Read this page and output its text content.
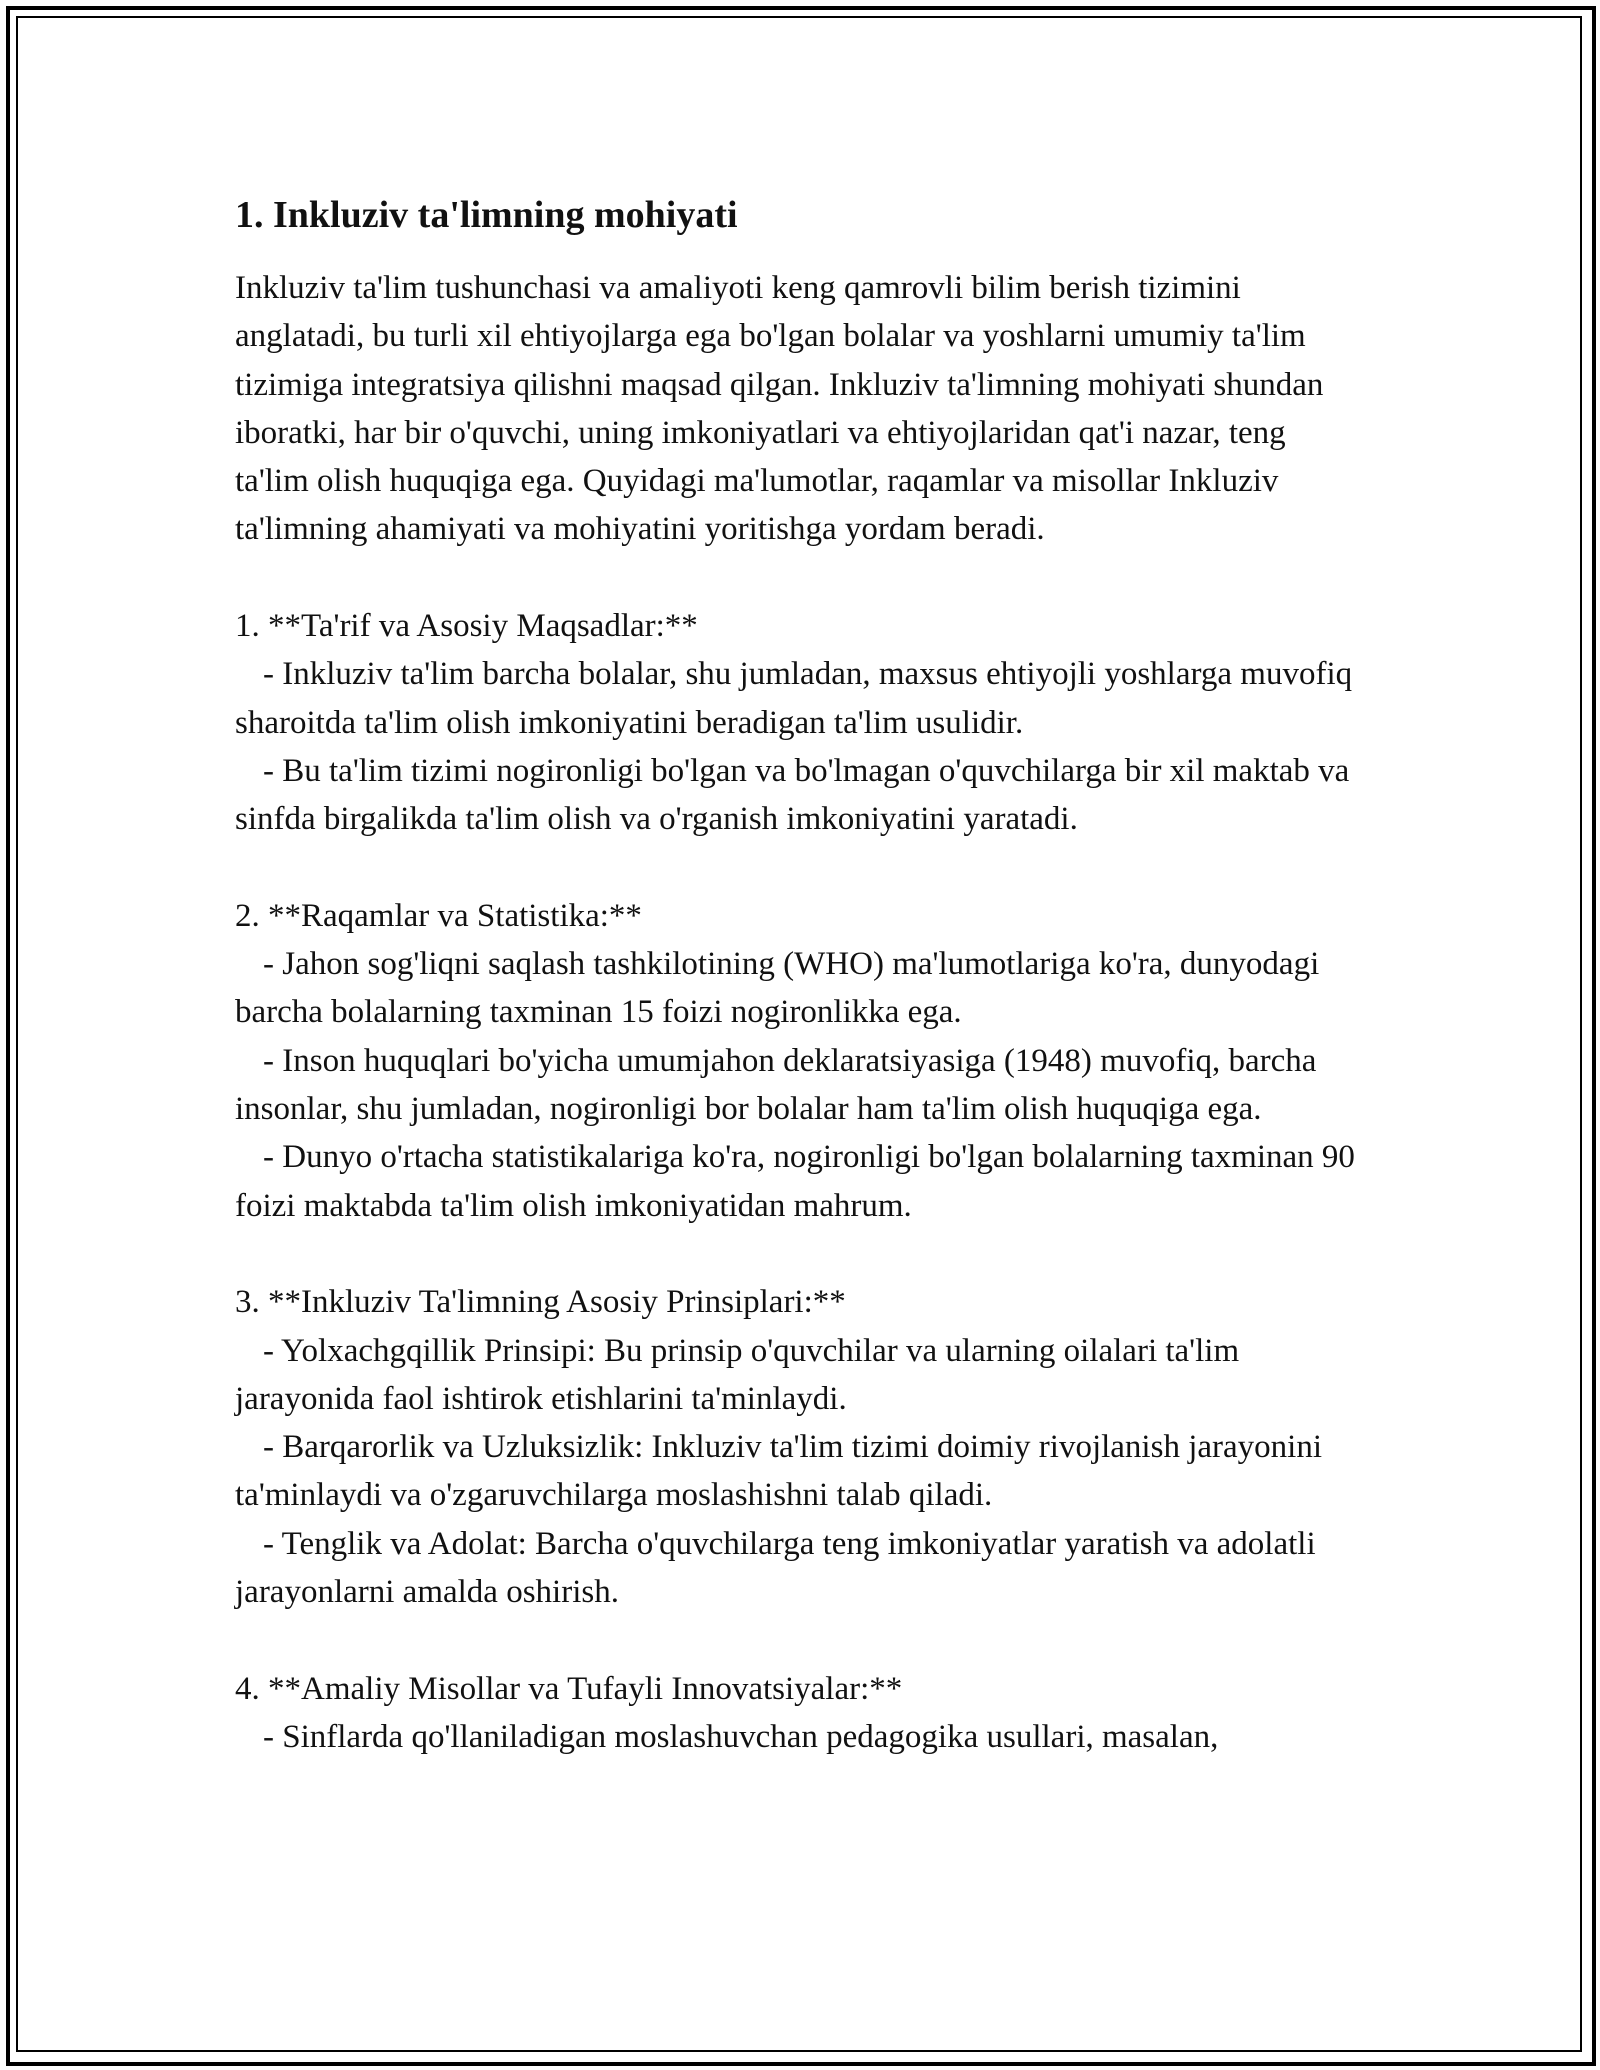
1. Inkluziv ta'limning mohiyati

Inkluziv ta'lim tushunchasi va amaliyoti keng qamrovli bilim berish tizimini anglatadi, bu turli xil ehtiyojlarga ega bo'lgan bolalar va yoshlarni umumiy ta'lim tizimiga integratsiya qilishni maqsad qilgan. Inkluziv ta'limning mohiyati shundan iboratki, har bir o'quvchi, uning imkoniyatlari va ehtiyojlaridan qat'i nazar, teng ta'lim olish huquqiga ega. Quyidagi ma'lumotlar, raqamlar va misollar Inkluziv ta'limning ahamiyati va mohiyatini yoritishga yordam beradi.

1. **Ta'rif va Asosiy Maqsadlar:**

- Inkluziv ta'lim barcha bolalar, shu jumladan, maxsus ehtiyojli yoshlarga muvofiq sharoitda ta'lim olish imkoniyatini beradigan ta'lim usulidir.

- Bu ta'lim tizimi nogironligi bo'lgan va bo'lmagan o'quvchilarga bir xil maktab va sinfda birgalikda ta'lim olish va o'rganish imkoniyatini yaratadi.

2. **Raqamlar va Statistika:**

- Jahon sog'liqni saqlash tashkilotining (WHO) ma'lumotlariga ko'ra, dunyodagi barcha bolalarning taxminan 15 foizi nogironlikka ega.

- Inson huquqlari bo'yicha umumjahon deklaratsiyasiga (1948) muvofiq, barcha insonlar, shu jumladan, nogironligi bor bolalar ham ta'lim olish huquqiga ega.

- Dunyo o'rtacha statistikalariga ko'ra, nogironligi bo'lgan bolalarning taxminan 90 foizi maktabda ta'lim olish imkoniyatidan mahrum.

3. **Inkluziv Ta'limning Asosiy Prinsiplari:**

- Yolxachgqillik Prinsipi: Bu prinsip o'quvchilar va ularning oilalari ta'lim jarayonida faol ishtirok etishlarini ta'minlaydi.

- Barqarorlik va Uzluksizlik: Inkluziv ta'lim tizimi doimiy rivojlanish jarayonini ta'minlaydi va o'zgaruvchilarga moslashishni talab qiladi.

- Tenglik va Adolat: Barcha o'quvchilarga teng imkoniyatlar yaratish va adolatli jarayonlarni amalda oshirish.

4. **Amaliy Misollar va Tufayli Innovatsiyalar:**

- Sinflarda qo'llaniladigan moslashuvchan pedagogika usullari, masalan,
